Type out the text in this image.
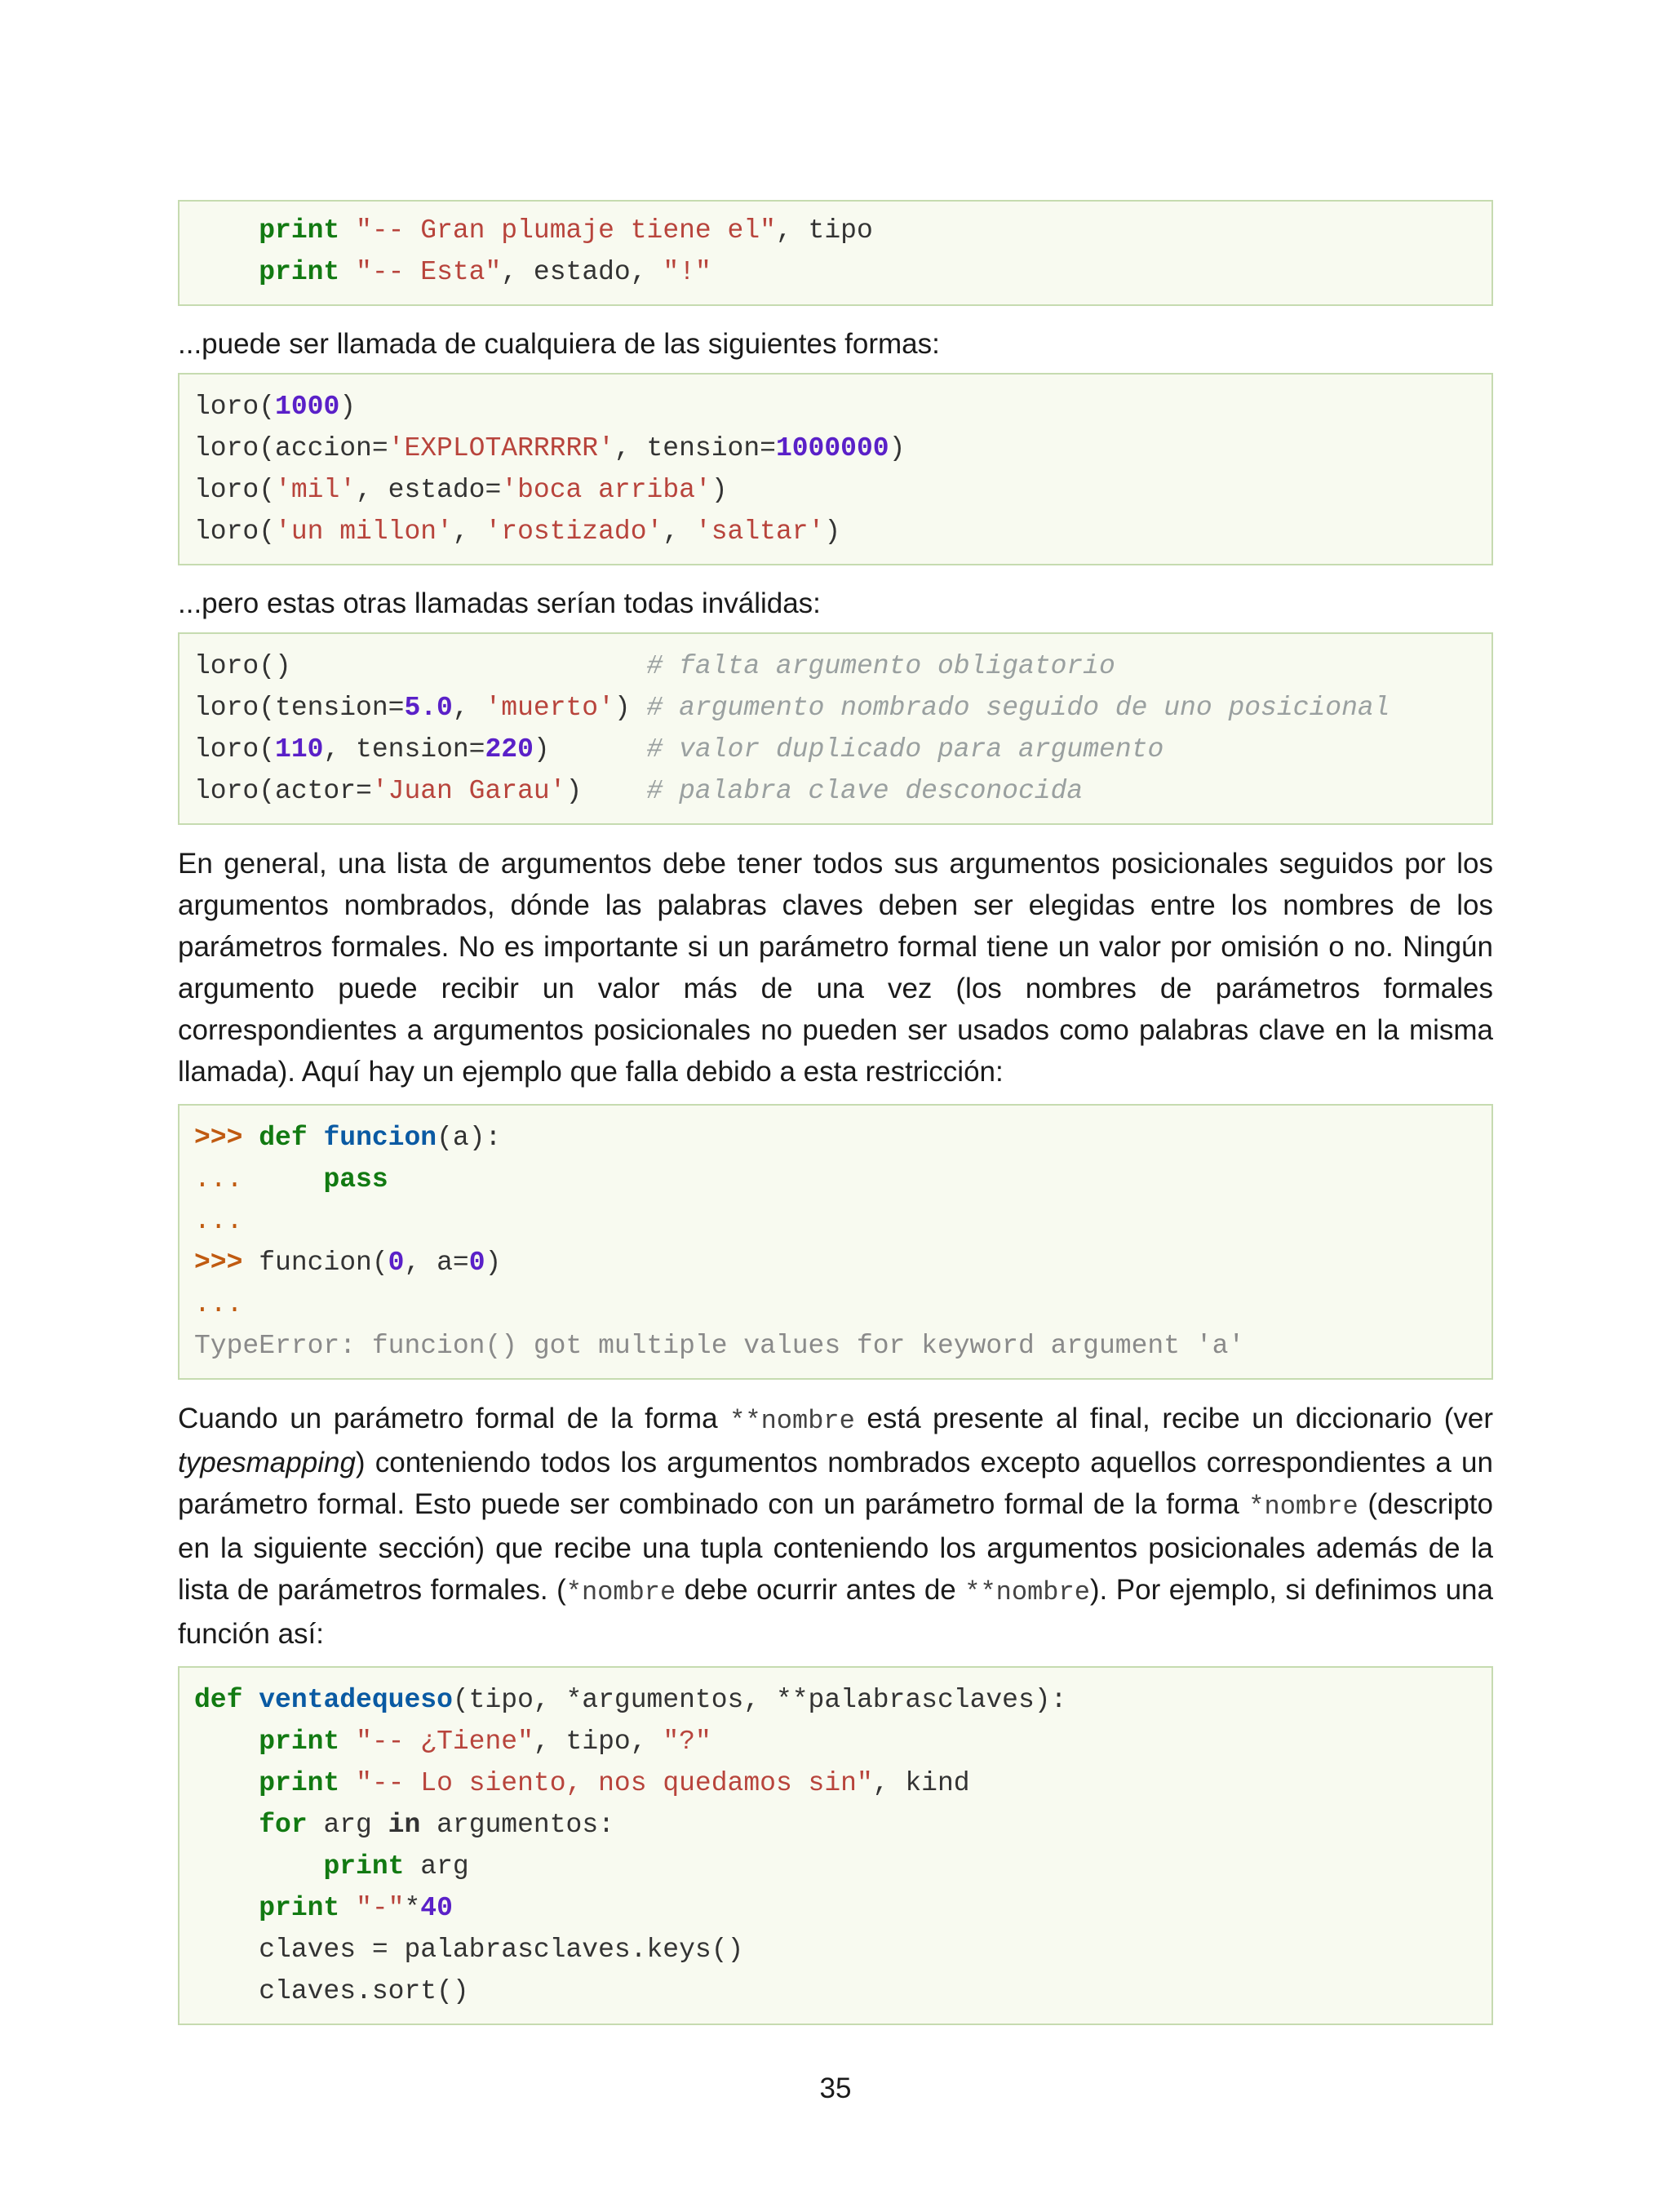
print "-- Gran plumaje tiene el", tipo
print "-- Esta", estado, "!"

...puede ser llamada de cualquiera de las siguientes formas:

loro(1000)
loro(accion='EXPLOTARRRRR', tension=1000000)
loro('mil', estado='boca arriba')
loro('un millon', 'rostizado', 'saltar')

...pero estas otras llamadas serían todas inválidas:

loro()                      # falta argumento obligatorio
loro(tension=5.0, 'muerto') # argumento nombrado seguido de uno posicional
loro(110, tension=220)      # valor duplicado para argumento
loro(actor='Juan Garau')    # palabra clave desconocida

En general, una lista de argumentos debe tener todos sus argumentos posicionales seguidos por los argumentos nombrados, dónde las palabras claves deben ser elegidas entre los nombres de los parámetros formales. No es importante si un parámetro formal tiene un valor por omisión o no. Ningún argumento puede recibir un valor más de una vez (los nombres de parámetros formales correspondientes a argumentos posicionales no pueden ser usados como palabras clave en la misma llamada). Aquí hay un ejemplo que falla debido a esta restricción:

>>> def funcion(a):
...	pass
...
>>> funcion(0, a=0)
...
TypeError: funcion() got multiple values for keyword argument 'a'

Cuando un parámetro formal de la forma **nombre está presente al final, recibe un diccionario (ver typesmapping) conteniendo todos los argumentos nombrados excepto aquellos correspondientes a un parámetro formal. Esto puede ser combinado con un parámetro formal de la forma *nombre (descripto en la siguiente sección) que recibe una tupla conteniendo los argumentos posicionales además de la lista de parámetros formales. (*nombre debe ocurrir antes de **nombre). Por ejemplo, si definimos una función así:

def ventadequeso(tipo, *argumentos, **palabrasclaves):
print "-- ¿Tiene", tipo, "?"
print "-- Lo siento, nos quedamos sin", kind
for arg in argumentos:
print arg
print "-"*40
claves = palabrasclaves.keys()
claves.sort()
35
